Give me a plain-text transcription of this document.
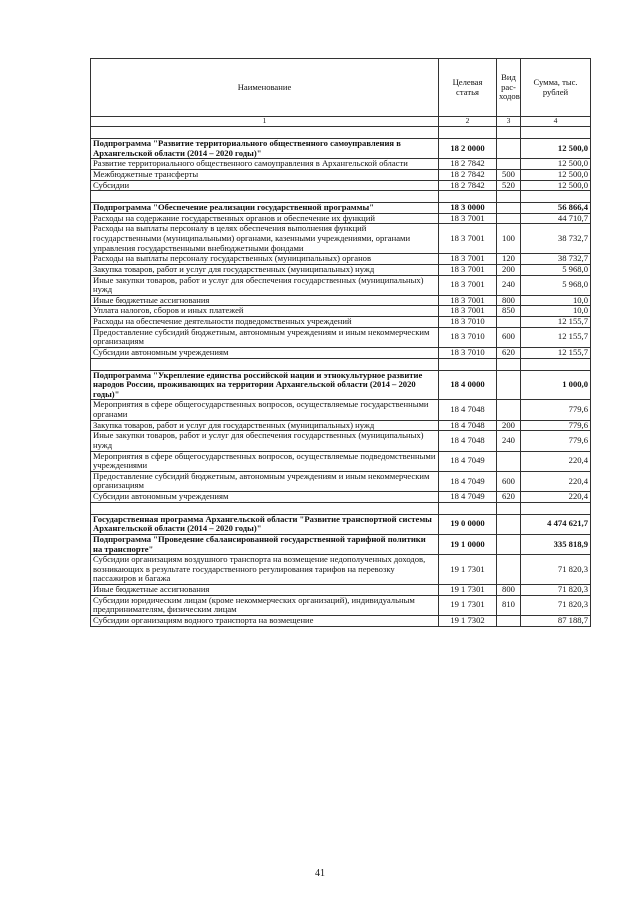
Наименование	Целевая статья	Вид рас-ходов	Сумма, тыс. рублей
1	2	3	4

Подпрограмма "Развитие территориального общественного самоуправления в Архангельской области (2014 – 2020 годы)"	18 2 0000		12 500,0
Развитие территориального общественного самоуправления в Архангельской области	18 2 7842		12 500,0
Межбюджетные трансферты	18 2 7842	500	12 500,0
Субсидии	18 2 7842	520	12 500,0

Подпрограмма "Обеспечение реализации государственной программы"	18 3 0000		56 866,4
Расходы на содержание государственных органов и обеспечение их функций	18 3 7001		44 710,7
Расходы на выплаты персоналу в целях обеспечения выполнения функций государственными (муниципальными) органами, казенными учреждениями, органами управления государственными внебюджетными фондами	18 3 7001	100	38 732,7
Расходы на выплаты персоналу государственных (муниципальных) органов	18 3 7001	120	38 732,7
Закупка товаров, работ и услуг для государственных (муниципальных) нужд	18 3 7001	200	5 968,0
Иные закупки товаров, работ и услуг для обеспечения государственных (муниципальных) нужд	18 3 7001	240	5 968,0
Иные бюджетные ассигнования	18 3 7001	800	10,0
Уплата налогов, сборов и иных платежей	18 3 7001	850	10,0
Расходы на обеспечение деятельности подведомственных учреждений	18 3 7010		12 155,7
Предоставление субсидий бюджетным, автономным учреждениям и иным некоммерческим организациям	18 3 7010	600	12 155,7
Субсидии автономным учреждениям	18 3 7010	620	12 155,7

Подпрограмма "Укрепление единства российской нации и этнокультурное развитие народов России, проживающих на территории Архангельской области (2014 – 2020 годы)"	18 4 0000		1 000,0
Мероприятия в сфере общегосударственных вопросов, осуществляемые государственными органами	18 4 7048		779,6
Закупка товаров, работ и услуг для государственных (муниципальных) нужд	18 4 7048	200	779,6
Иные закупки товаров, работ и услуг для обеспечения государственных (муниципальных) нужд	18 4 7048	240	779,6
Мероприятия в сфере общегосударственных вопросов, осуществляемые подведомственными учреждениями	18 4 7049		220,4
Предоставление субсидий бюджетным, автономным учреждениям и иным некоммерческим организациям	18 4 7049	600	220,4
Субсидии автономным учреждениям	18 4 7049	620	220,4

Государственная программа Архангельской области "Развитие транспортной системы Архангельской области (2014 – 2020 годы)"	19 0 0000		4 474 621,7
Подпрограмма "Проведение сбалансированной государственной тарифной политики на транспорте"	19 1 0000		335 818,9
Субсидии организациям воздушного транспорта на возмещение недополученных доходов, возникающих в результате государственного регулирования тарифов на перевозку пассажиров и багажа	19 1 7301		71 820,3
Иные бюджетные ассигнования	19 1 7301	800	71 820,3
Субсидии юридическим лицам (кроме некоммерческих организаций), индивидуальным предпринимателям, физическим лицам	19 1 7301	810	71 820,3
Субсидии организациям водного транспорта на возмещение	19 1 7302		87 188,7
41
